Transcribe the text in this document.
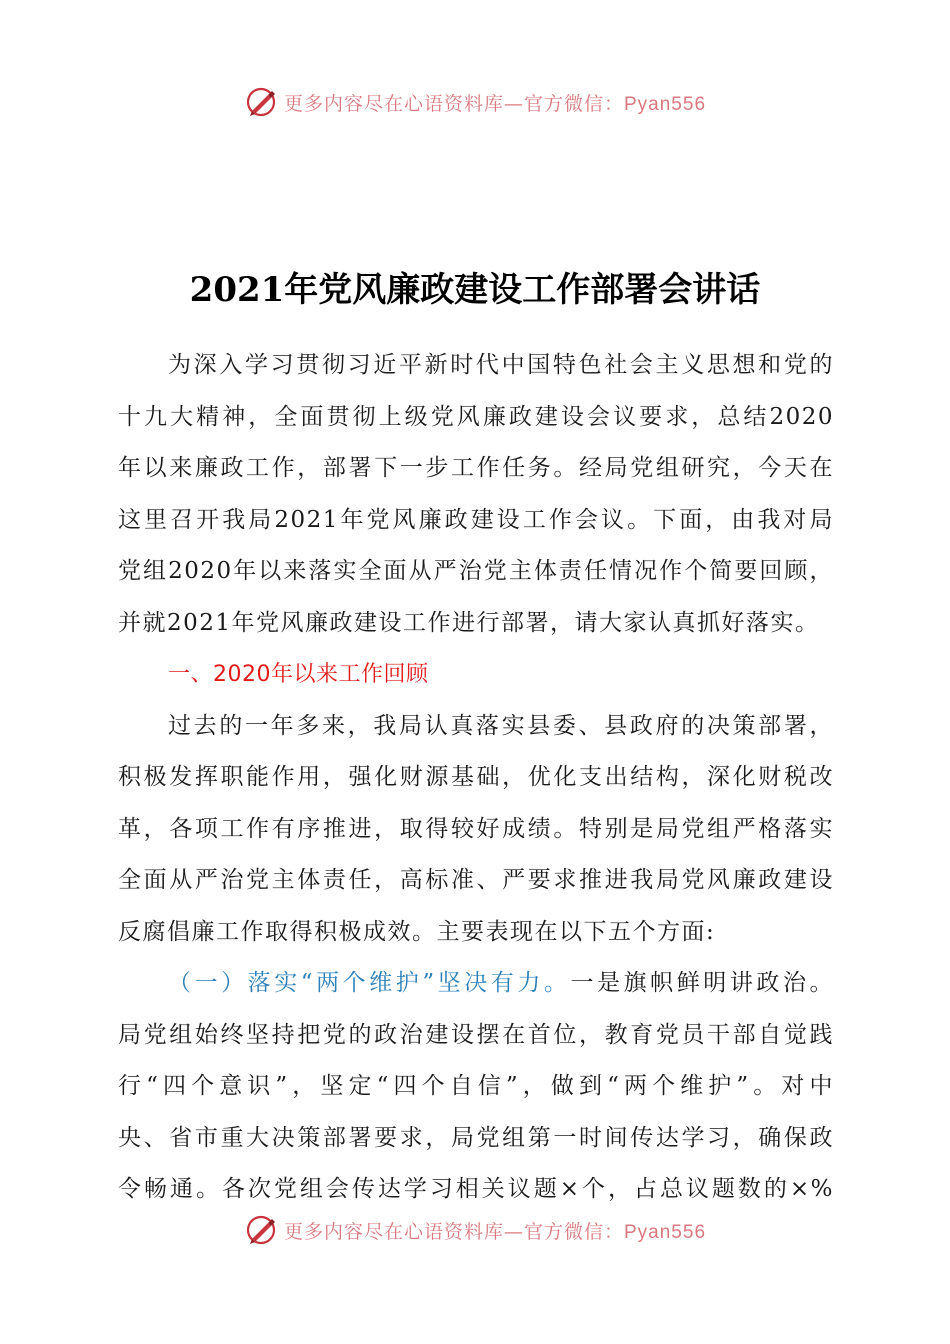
更多内容尽在心语资料库—官方微信：Pyan556
2021年党风廉政建设工作部署会讲话
为深入学习贯彻习近平新时代中国特色社会主义思想和党的
十九大精神，全面贯彻上级党风廉政建设会议要求，总结2020
年以来廉政工作，部署下一步工作任务。经局党组研究，今天在
这里召开我局2021年党风廉政建设工作会议。下面，由我对局
党组2020年以来落实全面从严治党主体责任情况作个简要回顾，
并就2021年党风廉政建设工作进行部署，请大家认真抓好落实。
一、2020年以来工作回顾
过去的一年多来，我局认真落实县委、县政府的决策部署，
积极发挥职能作用，强化财源基础，优化支出结构，深化财税改
革，各项工作有序推进，取得较好成绩。特别是局党组严格落实
全面从严治党主体责任，高标准、严要求推进我局党风廉政建设
反腐倡廉工作取得积极成效。主要表现在以下五个方面:
（一）落实“两个维护”坚决有力。一是旗帜鲜明讲政治。
局党组始终坚持把党的政治建设摆在首位，教育党员干部自觉践
行“四个意识”，坚定“四个自信”，做到“两个维护”。对中
央、省市重大决策部署要求，局党组第一时间传达学习，确保政
令畅通。各次党组会传达学习相关议题×个，占总议题数的×%
更多内容尽在心语资料库—官方微信：Pyan556
